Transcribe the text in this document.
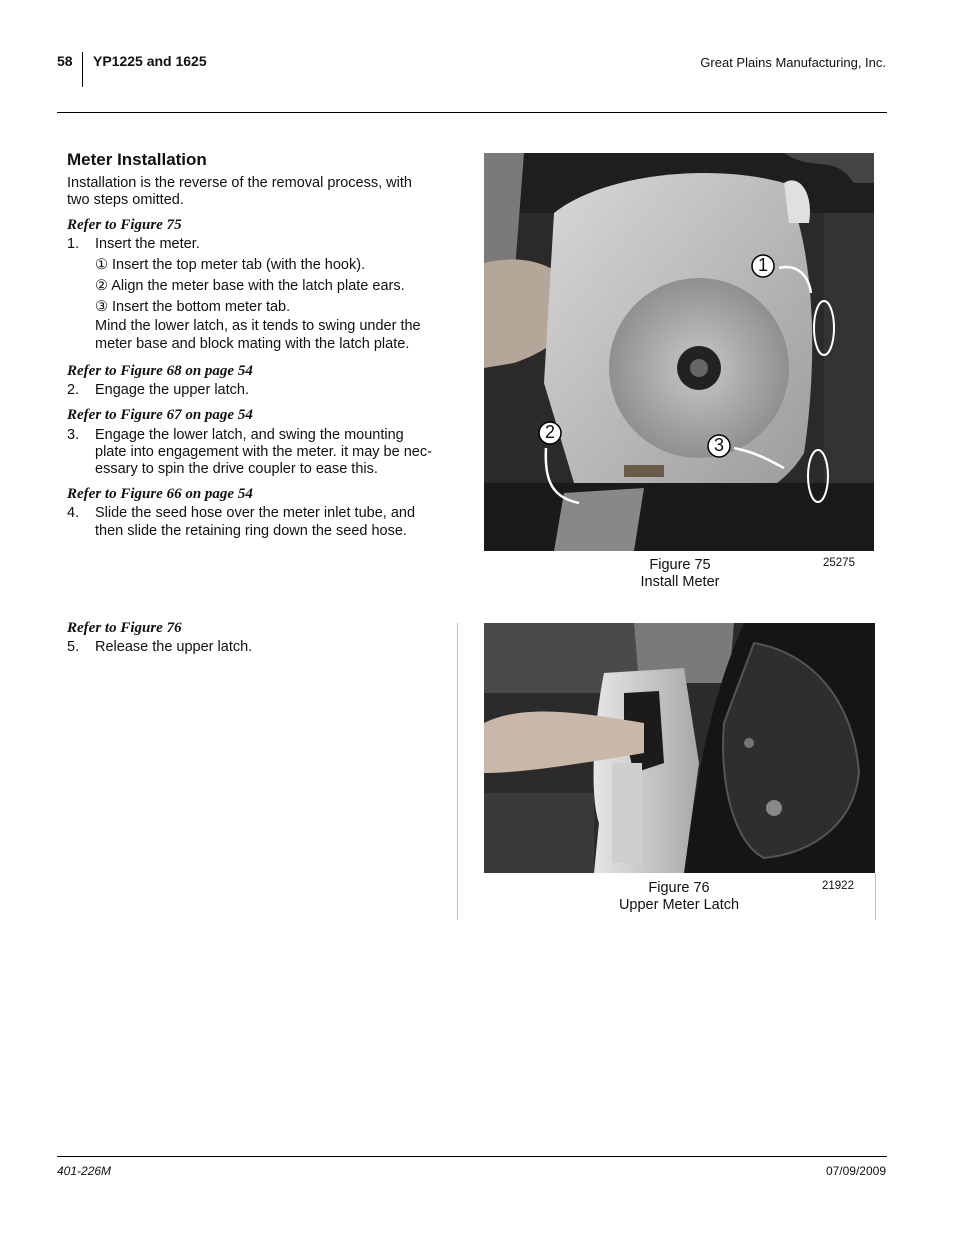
58 YP1225 and 1625	Great Plains Manufacturing, Inc.
Meter Installation
Installation is the reverse of the removal process, with
two steps omitted.
Refer to Figure 75
1. Insert the meter.
① Insert the top meter tab (with the hook).
② Align the meter base with the latch plate ears.
③ Insert the bottom meter tab.
Mind the lower latch, as it tends to swing under the
meter base and block mating with the latch plate.
Refer to Figure 68 on page 54
2. Engage the upper latch.
Refer to Figure 67 on page 54
3. Engage the lower latch, and swing the mounting
plate into engagement with the meter. it may be nec-
essary to spin the drive coupler to ease this.
Refer to Figure 66 on page 54
4. Slide the seed hose over the meter inlet tube, and
then slide the retaining ring down the seed hose.
Refer to Figure 76
5. Release the upper latch.
1
2
3
Figure 75
Install Meter
25275
Figure 76
Upper Meter Latch
21922
401-226M	07/09/2009
